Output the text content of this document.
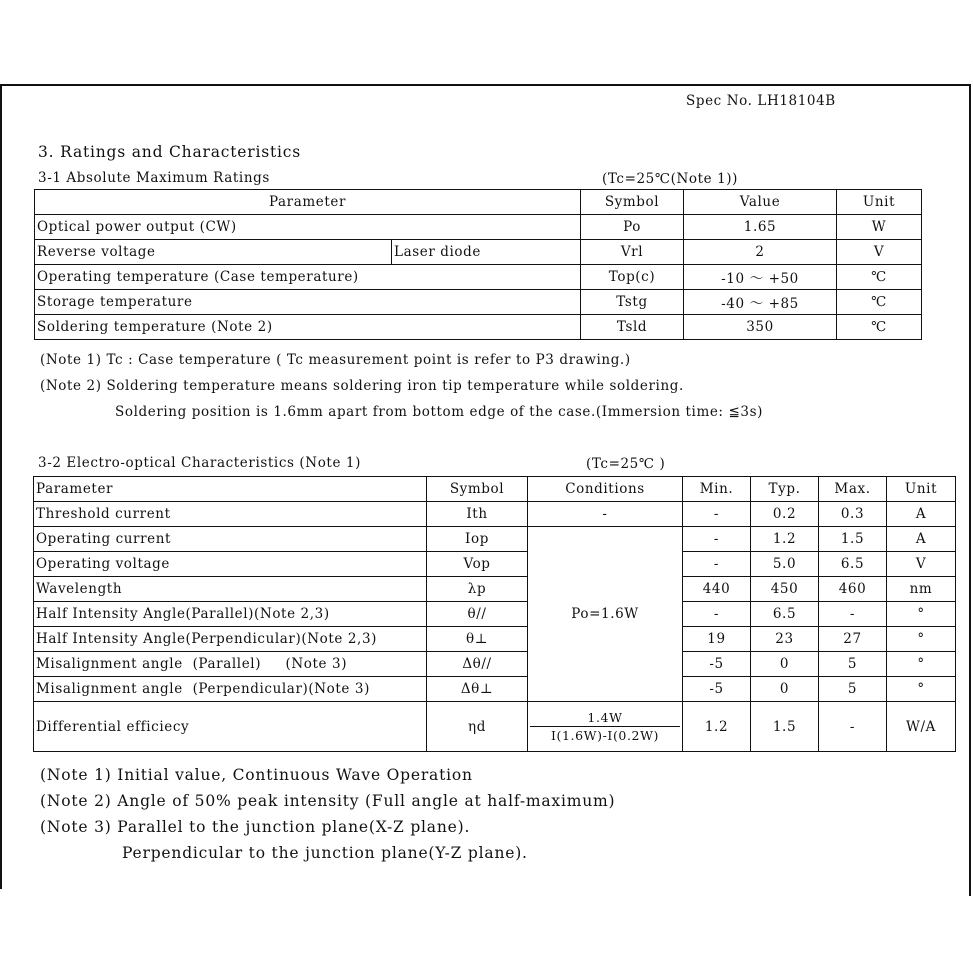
Spec No. LH18104B
3. Ratings and Characteristics
3-1 Absolute Maximum Ratings	(Tc=25℃(Note 1))
Parameter		Symbol	Value	Unit
Optical power output (CW)		Po	1.65	W
Reverse voltage	Laser diode	Vrl	2	V
Operating temperature (Case temperature)		Top(c)	-10 ～ +50	℃
Storage temperature		Tstg	-40 ～ +85	℃
Soldering temperature (Note 2)		Tsld	350	℃
(Note 1) Tc : Case temperature ( Tc measurement point is refer to P3 drawing.)
(Note 2) Soldering temperature means soldering iron tip temperature while soldering.
Soldering position is 1.6mm apart from bottom edge of the case.(Immersion time: ≦3s)
3-2 Electro-optical Characteristics (Note 1)	(Tc=25℃ )
Parameter	Symbol	Conditions	Min.	Typ.	Max.	Unit
Threshold current	Ith	-	-	0.2	0.3	A
Operating current	Iop	Po=1.6W	-	1.2	1.5	A
Operating voltage	Vop		-	5.0	6.5	V
Wavelength	λp		440	450	460	nm
Half Intensity Angle(Parallel)(Note 2,3)	θ//		-	6.5	-	°
Half Intensity Angle(Perpendicular)(Note 2,3)	θ⊥		19	23	27	°
Misalignment angle  (Parallel)     (Note 3)	Δθ//		-5	0	5	°
Misalignment angle  (Perpendicular)(Note 3)	Δθ⊥		-5	0	5	°
Differential efficiecy	ηd	1.4W
I(1.6W)-I(0.2W)	1.2	1.5	-	W/A
(Note 1) Initial value, Continuous Wave Operation
(Note 2) Angle of 50% peak intensity (Full angle at half-maximum)
(Note 3) Parallel to the junction plane(X-Z plane).
Perpendicular to the junction plane(Y-Z plane).
